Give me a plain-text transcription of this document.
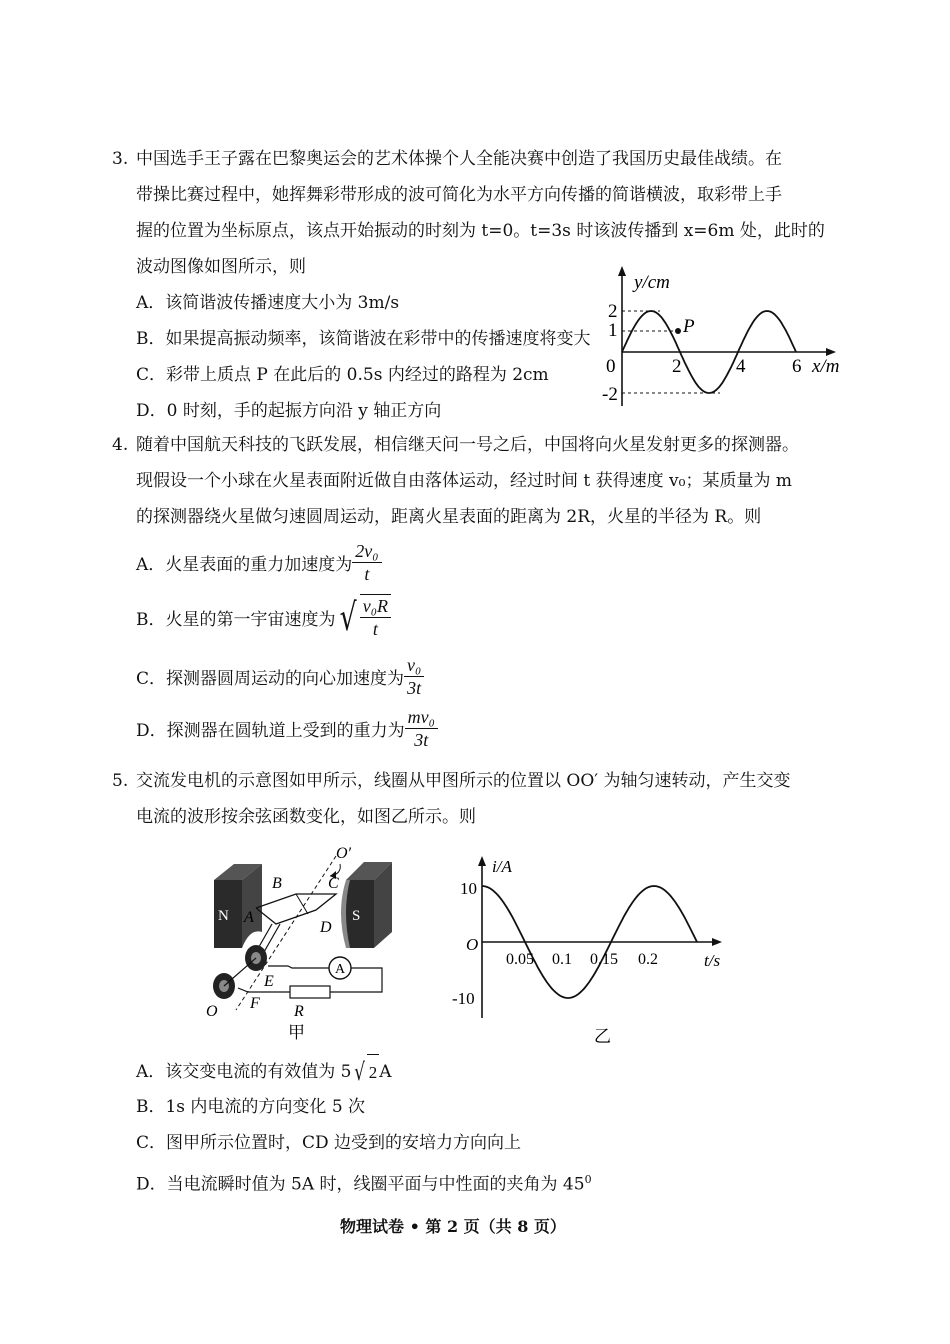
3. 中国选手王子露在巴黎奥运会的艺术体操个人全能决赛中创造了我国历史最佳战绩。在
带操比赛过程中，她挥舞彩带形成的波可简化为水平方向传播的简谐横波，取彩带上手
握的位置为坐标原点，该点开始振动的时刻为 t=0。t=3s 时该波传播到 x=6m 处，此时的
波动图像如图所示，则
A．该简谐波传播速度大小为 3m/s
B．如果提高振动频率，该简谐波在彩带中的传播速度将变大
C．彩带上质点 P 在此后的 0.5s 内经过的路程为 2cm
D．0 时刻，手的起振方向沿 y 轴正方向
y/cm
x/m
0
2
1
-2
2	4 6
P
4. 随着中国航天科技的飞跃发展，相信继天问一号之后，中国将向火星发射更多的探测器。
现假设一个小球在火星表面附近做自由落体运动，经过时间 t 获得速度 v₀；某质量为 m
的探测器绕火星做匀速圆周运动，距离火星表面的距离为 2R，火星的半径为 R。则
A．火星表面的重力加速度为 $\frac{\text{2v₀}}{t}$
B．火星的第一宇宙速度为 √ $\frac{\text{v₀R}}{t}$
C．探测器圆周运动的向心加速度为 $\frac{\text{v₀}}{3t}$
D．探测器在圆轨道上受到的重力为 $\frac{\text{mv₀}}{3t}$
5. 交流发电机的示意图如甲所示，线圈从甲图所示的位置以 OO′ 为轴匀速转动，产生交变
电流的波形按余弦函数变化，如图乙所示。则
N	S
A
O′
B	C
A
D
E
F R
O
甲
i/A
t/s
O
10
-10
0.05 0.1 0.15 0.2
乙
A．该交变电流的有效值为 5 √ 2 A
B．1s 内电流的方向变化 5 次
C．图甲所示位置时，CD 边受到的安培力方向向上
D．当电流瞬时值为 5A 时，线圈平面与中性面的夹角为 $45^0$
物理试卷 • 第 2 页（共 8 页）
